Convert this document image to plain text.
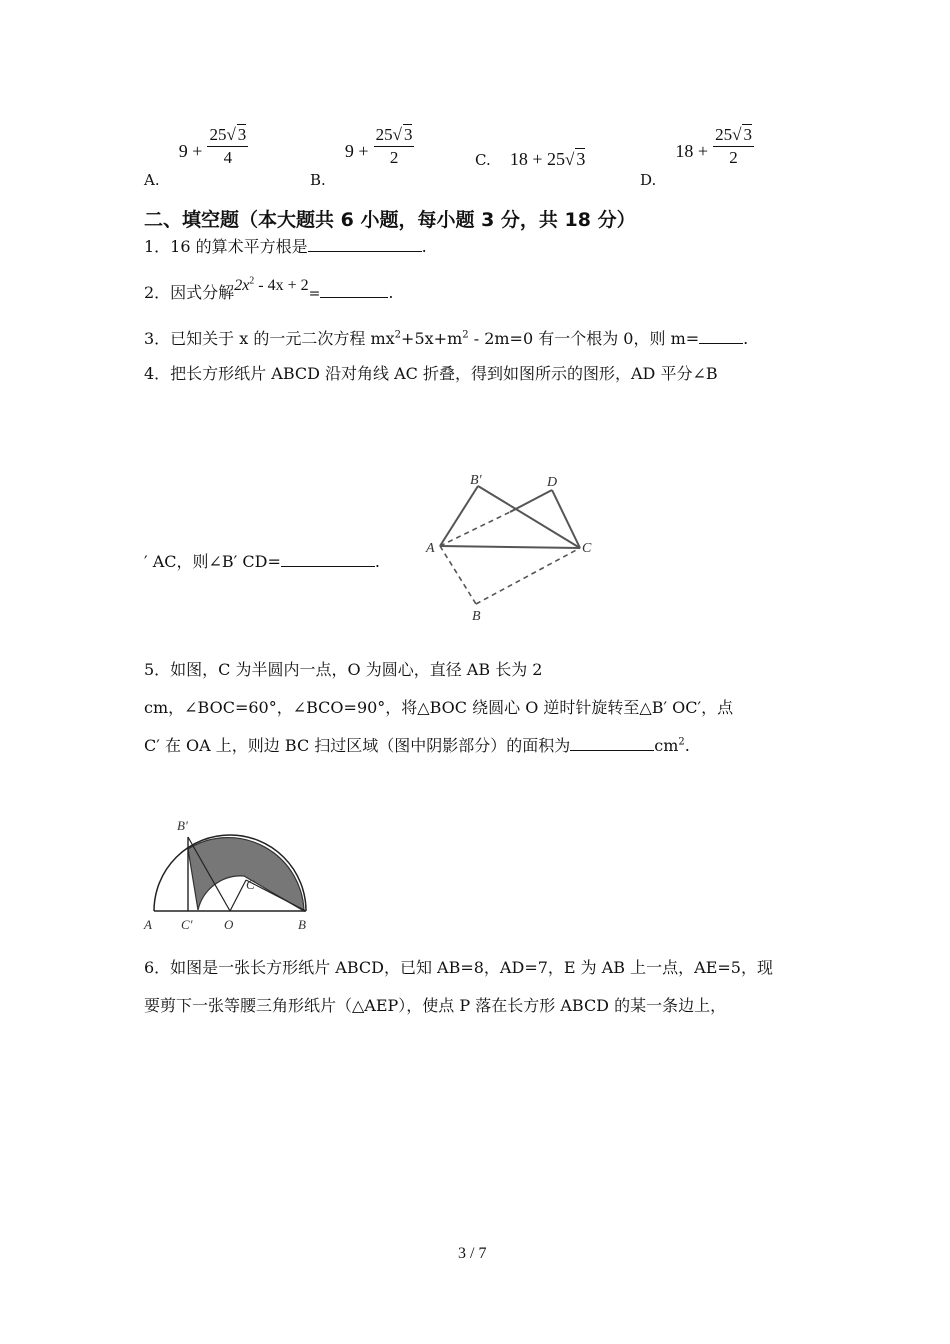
A. $9 + \frac{25√ 3}{4}$
B. $9 + \frac{25√ 3}{2}$	C. 18 + 25√ 3
D. $18 + \frac{25√ 3}{2}$
二、填空题（本大题共 6 小题，每小题 3 分，共 18 分）
1．16 的算术平方根是	.
2．因式分解$2x^2 - 4x + 2=$	.
3．已知关于 x 的一元二次方程 $mx^2+5x+m^2 - 2m=0$ 有一个根为 0，则 m=	.
4．把长方形纸片 ABCD 沿对角线 AC 折叠，得到如图所示的图形，AD 平分∠B
′ AC，则∠B′ CD=	.
B′	D
A	C
B
5．如图，C 为半圆内一点，O 为圆心，直径 AB 长为 2
cm，∠BOC=60°，∠BCO=90°，将△BOC 绕圆心 O 逆时针旋转至△B′ OC′，点
C′ 在 OA 上，则边 BC 扫过区域（图中阴影部分）的面积为	$cm^2$.
B′
C
A C′ O	B
6．如图是一张长方形纸片 ABCD，已知 AB=8，AD=7，E 为 AB 上一点，AE=5，现
要剪下一张等腰三角形纸片（△AEP），使点 P 落在长方形 ABCD 的某一条边上，
3 / 7
